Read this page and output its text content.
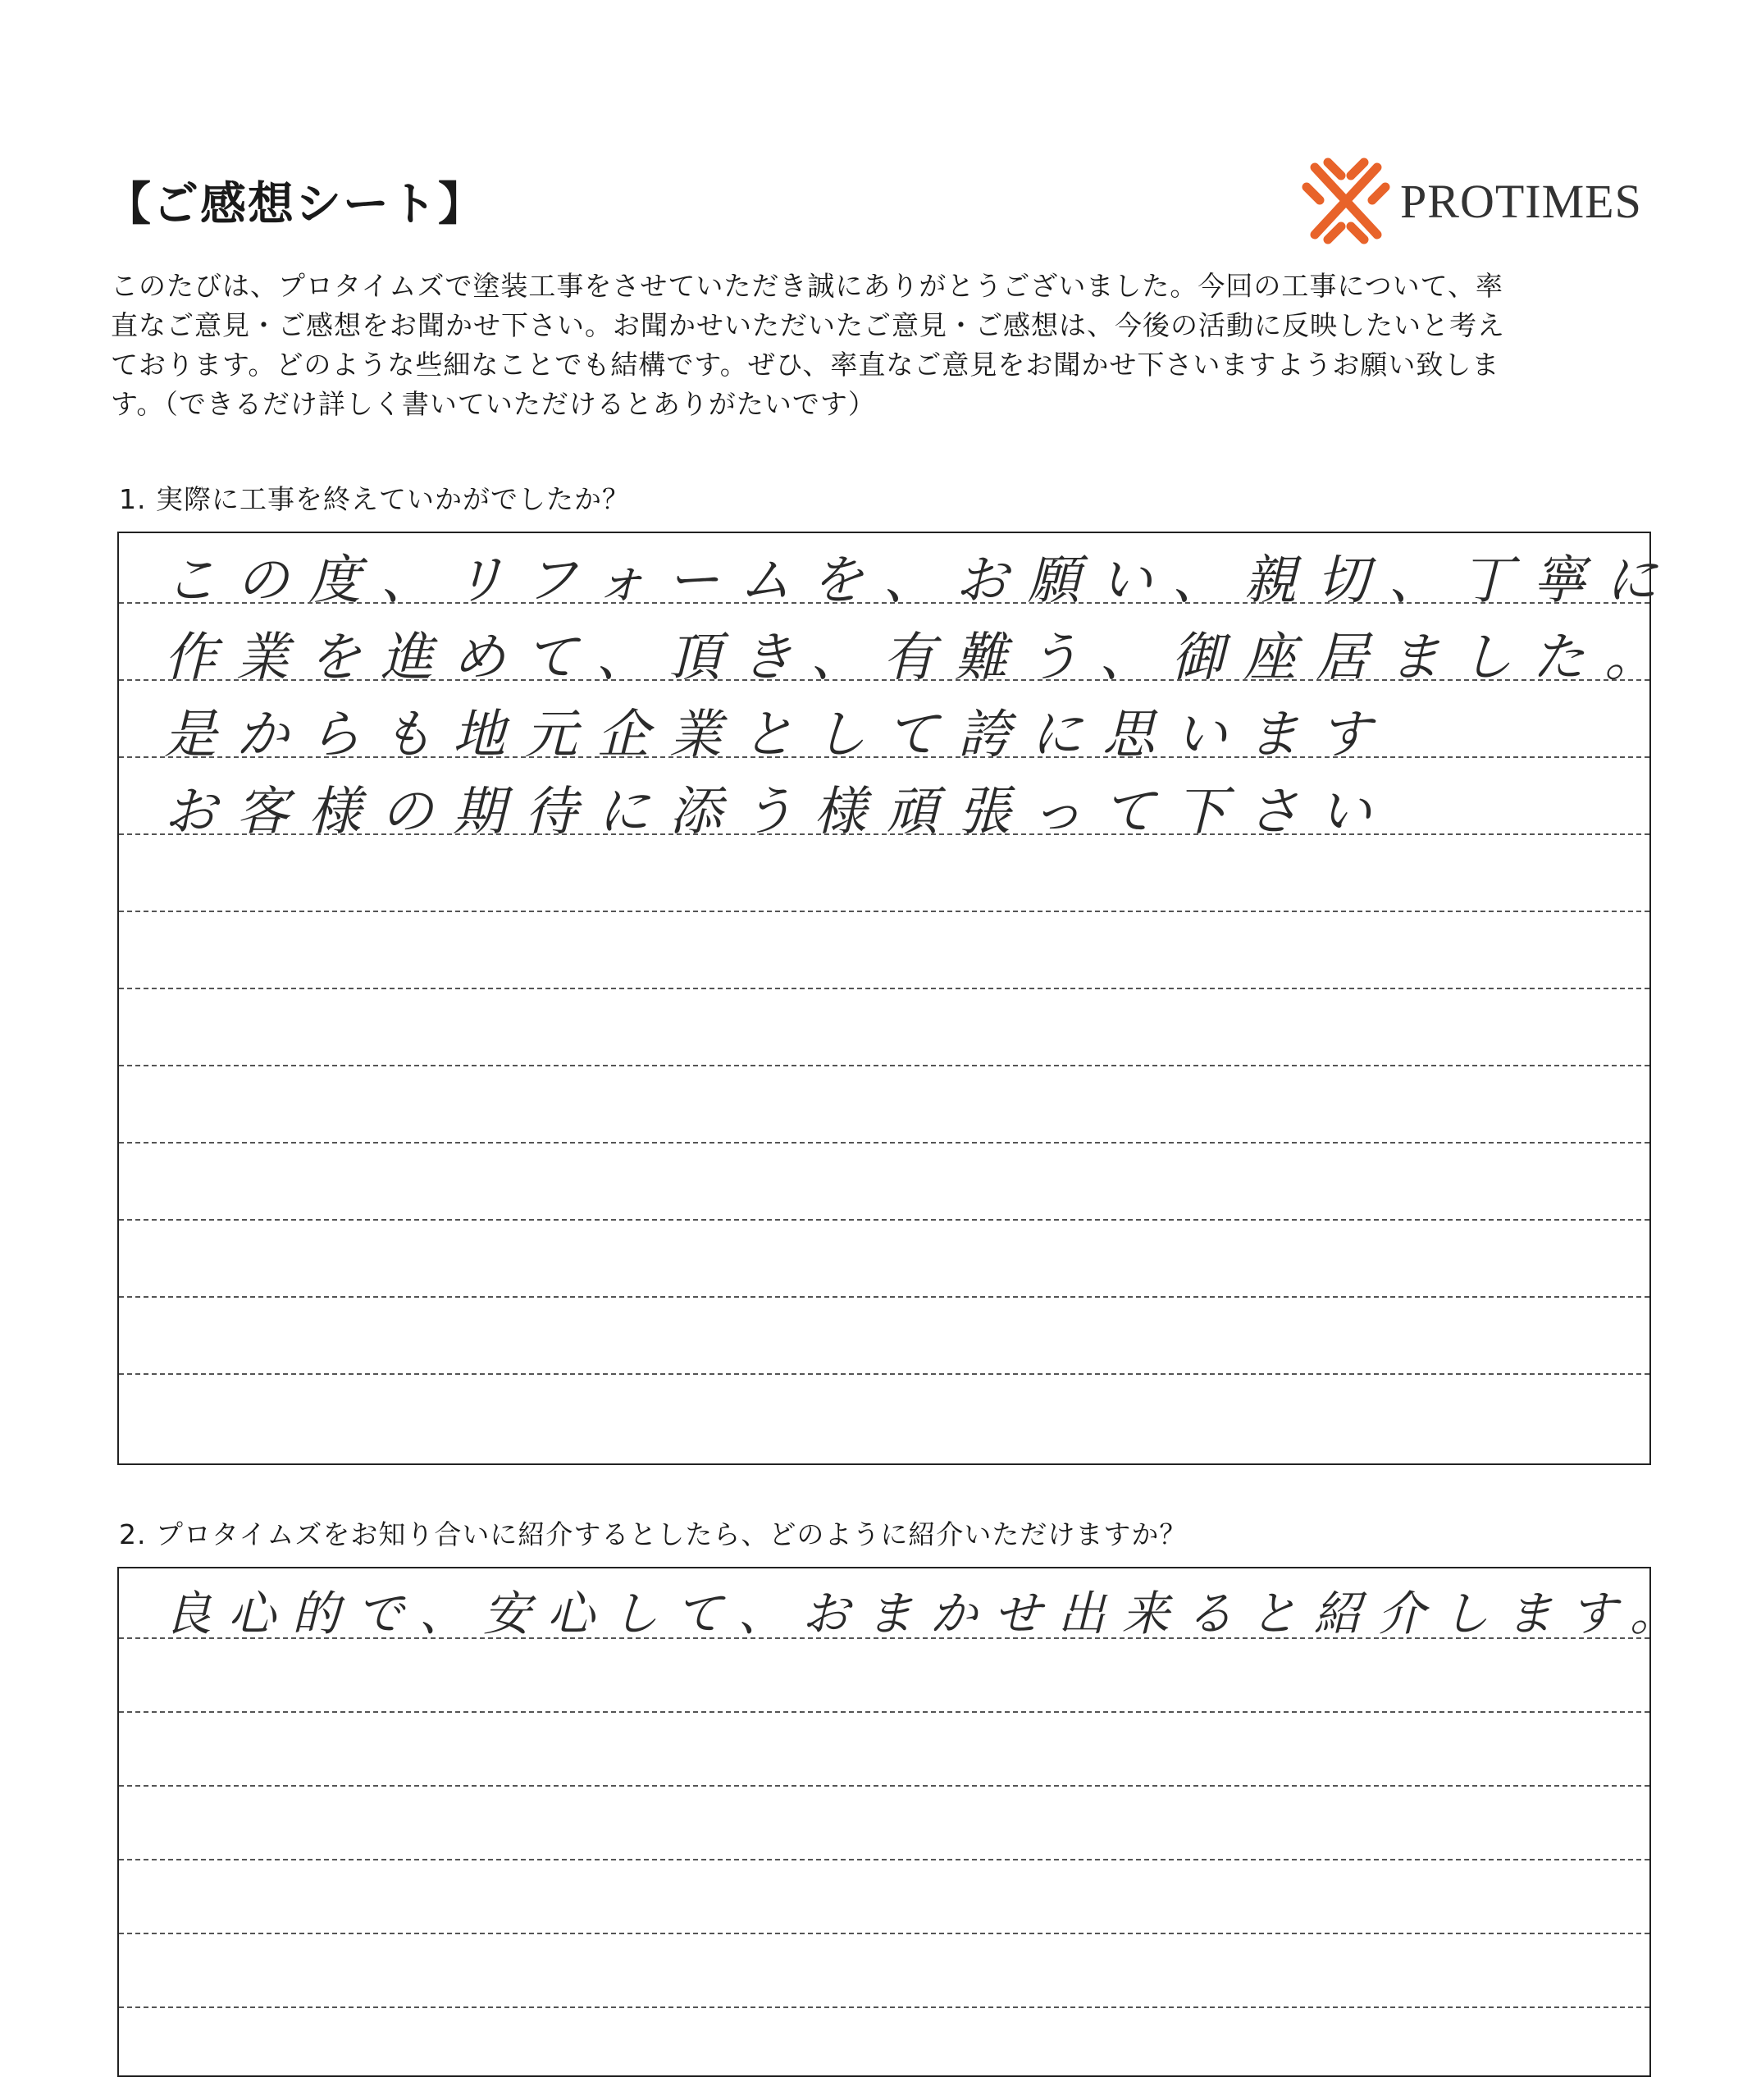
【ご感想シート】	PROTIMES
このたびは、プロタイムズで塗装工事をさせていただき誠にありがとうございました。今回の工事について、率
直なご意見・ご感想をお聞かせ下さい。お聞かせいただいたご意見・ご感想は、今後の活動に反映したいと考え
ております。どのような些細なことでも結構です。ぜひ、率直なご意見をお聞かせ下さいますようお願い致しま
す。（できるだけ詳しく書いていただけるとありがたいです）
1. 実際に工事を終えていかがでしたか？
この度、リフォームを、お願い、親切、丁寧に
作業を進めて、頂き、有難う、御座居ました。
是からも地元企業として誇に思います
お客様の期待に添う様頑張って下さい
2. プロタイムズをお知り合いに紹介するとしたら、どのように紹介いただけますか？
良心的で、安心して、おまかせ出来ると紹介します。
